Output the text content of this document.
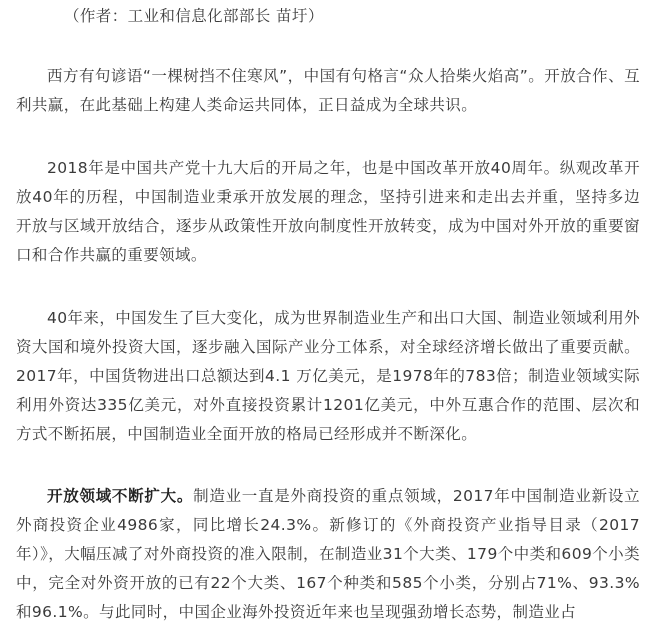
（作者：工业和信息化部部长 苗圩）

西方有句谚语“一棵树挡不住寒风”，中国有句格言“众人拾柴火焰高”。开放合作、互利共赢，在此基础上构建人类命运共同体，正日益成为全球共识。

2018年是中国共产党十九大后的开局之年，也是中国改革开放40周年。纵观改革开放40年的历程，中国制造业秉承开放发展的理念，坚持引进来和走出去并重，坚持多边开放与区域开放结合，逐步从政策性开放向制度性开放转变，成为中国对外开放的重要窗口和合作共赢的重要领域。

40年来，中国发生了巨大变化，成为世界制造业生产和出口大国、制造业领域利用外资大国和境外投资大国，逐步融入国际产业分工体系，对全球经济增长做出了重要贡献。2017年，中国货物进出口总额达到4.1 万亿美元，是1978年的783倍；制造业领域实际利用外资达335亿美元，对外直接投资累计1201亿美元，中外互惠合作的范围、层次和方式不断拓展，中国制造业全面开放的格局已经形成并不断深化。

开放领域不断扩大。制造业一直是外商投资的重点领域，2017年中国制造业新设立外商投资企业4986家，同比增长24.3%。新修订的《外商投资产业指导目录（2017年）》，大幅压减了对外商投资的准入限制，在制造业31个大类、179个中类和609个小类中，完全对外资开放的已有22个大类、167个种类和585个小类，分别占71%、93.3%和96.1%。与此同时，中国企业海外投资近年来也呈现强劲增长态势，制造业占
